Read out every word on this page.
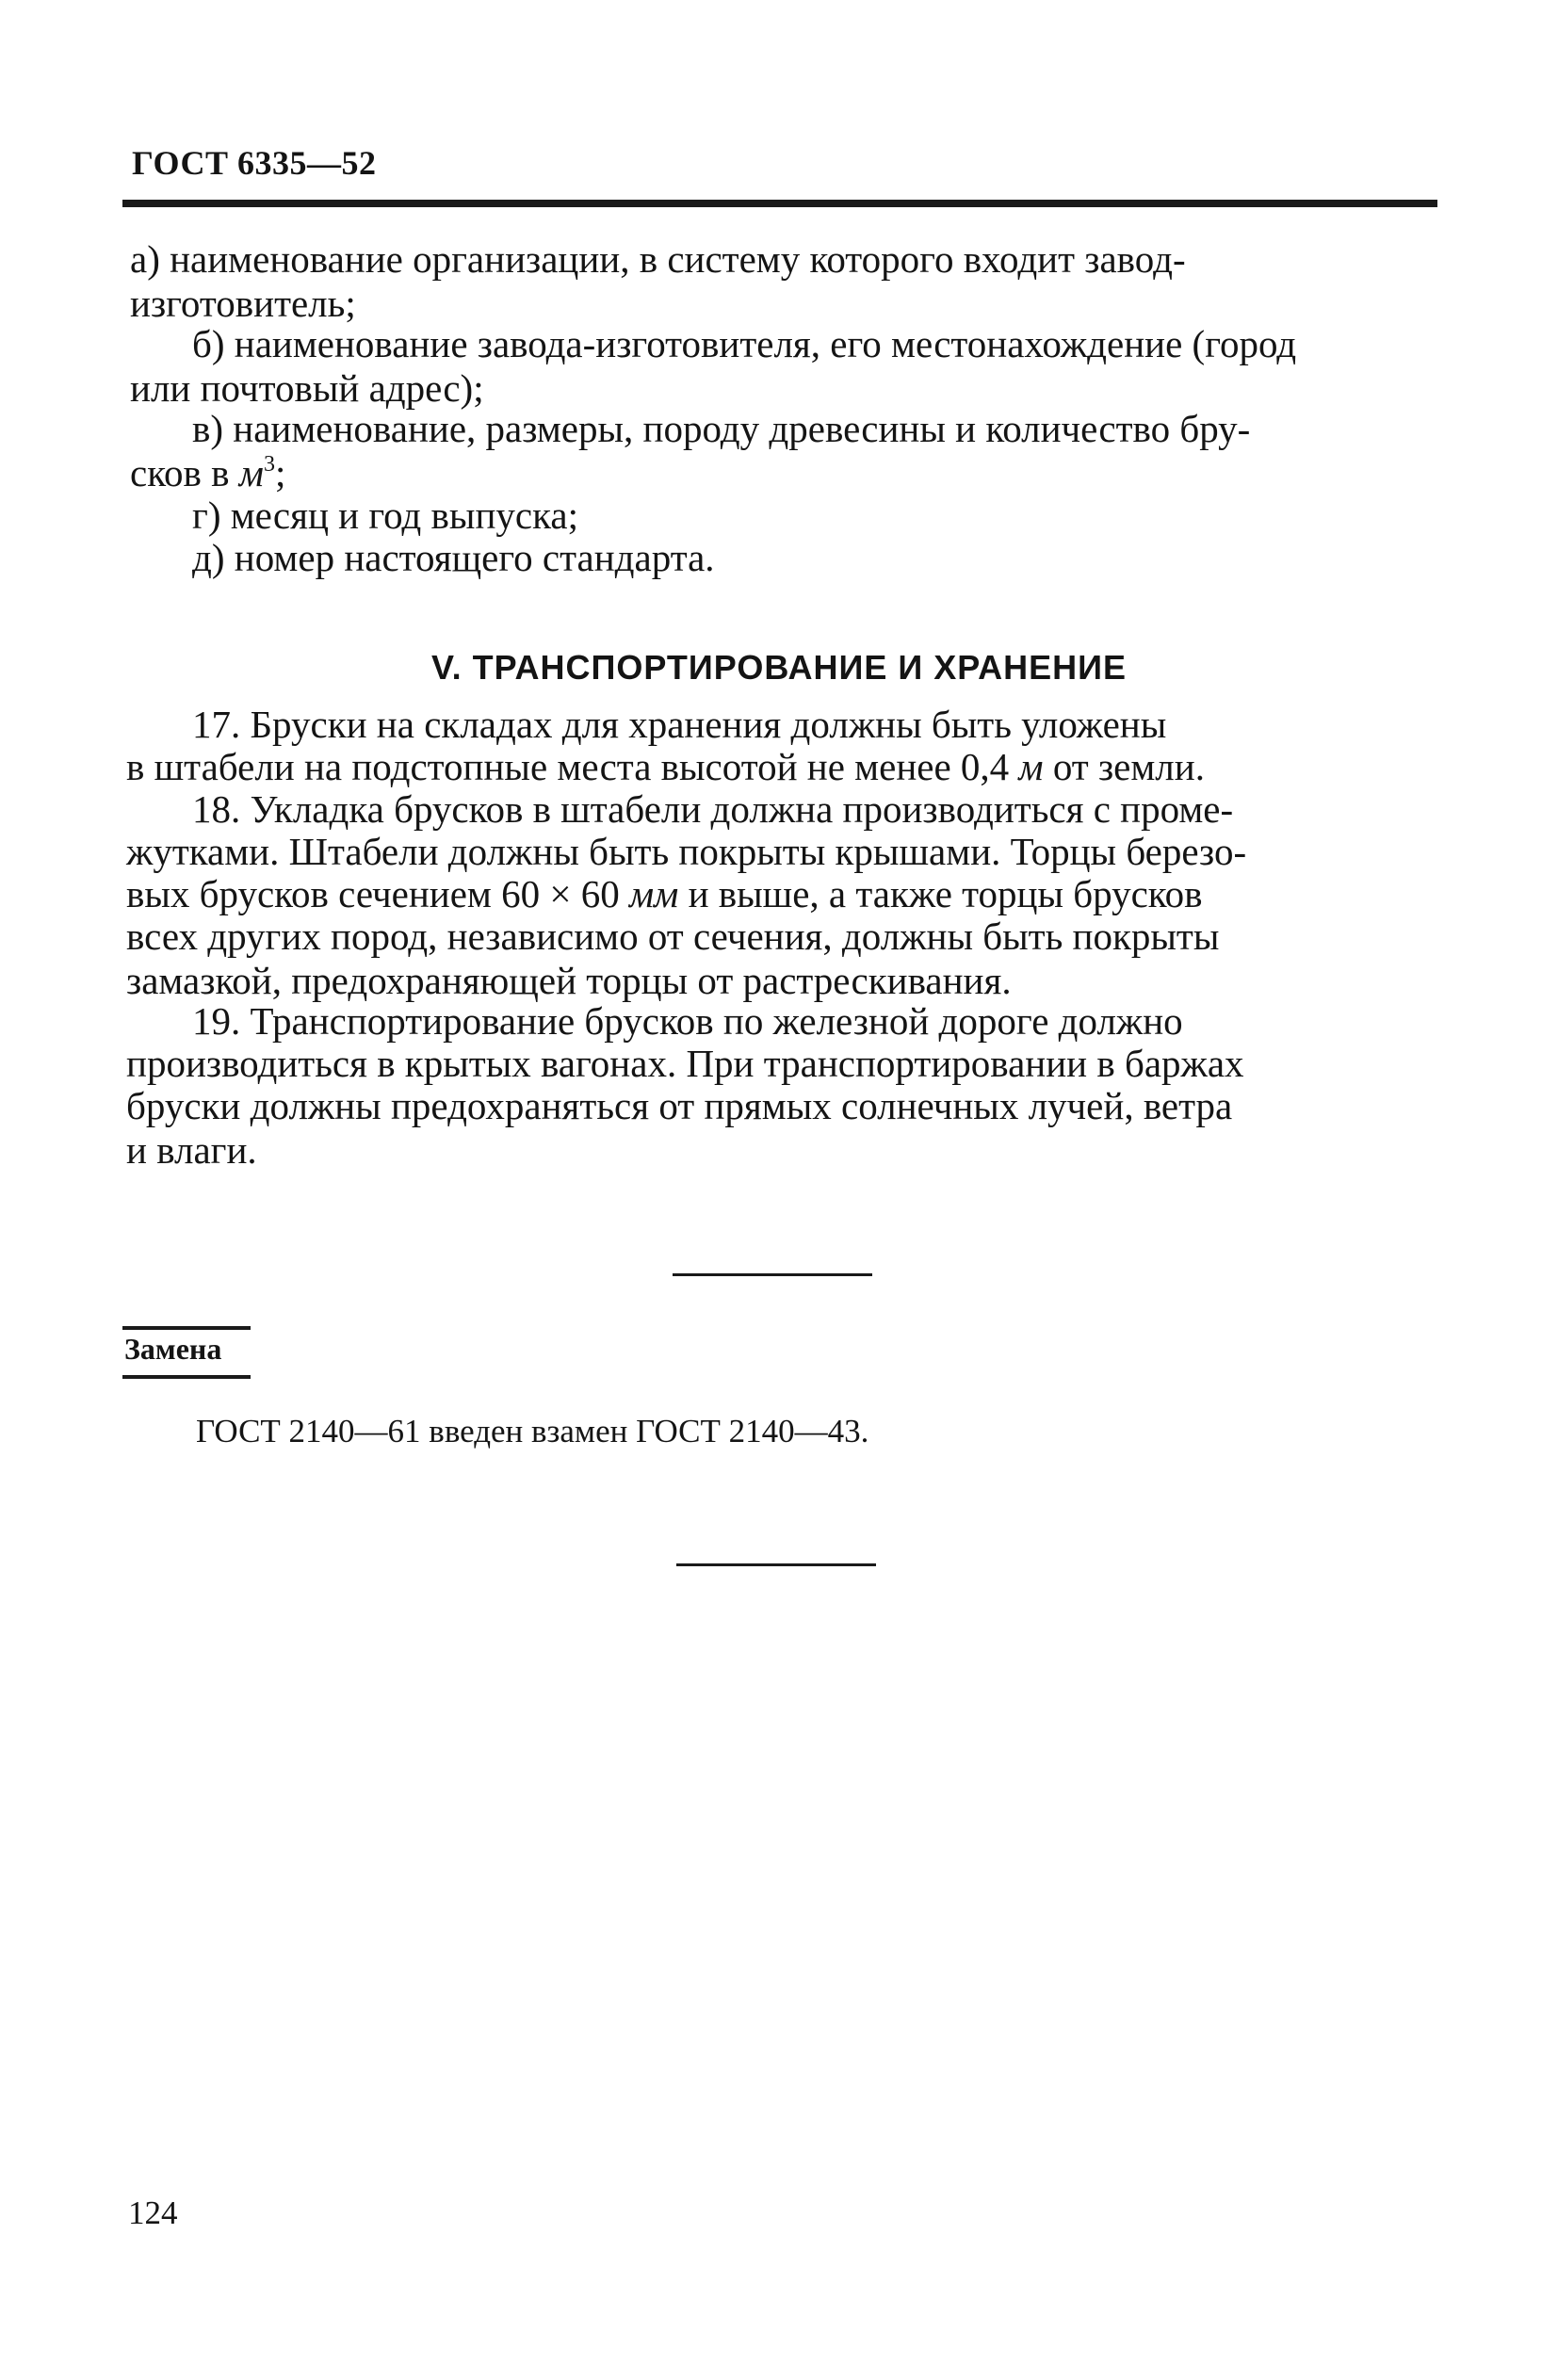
ГОСТ 6335—52
а) наименование организации, в систему которого входит завод-
изготовитель;
б) наименование завода-изготовителя, его местонахождение (город
или почтовый адрес);
в) наименование, размеры, породу древесины и количество бру-
сков в $м^3$;
г) месяц и год выпуска;
д) номер настоящего стандарта.
V. ТРАНСПОРТИРОВАНИЕ И ХРАНЕНИЕ
17. Бруски на складах для хранения должны быть уложены
в штабели на подстопные места высотой не менее 0,4 м от земли.
18. Укладка брусков в штабели должна производиться с проме-
жутками. Штабели должны быть покрыты крышами. Торцы березо-
вых брусков сечением 60 × 60 мм и выше, а также торцы брусков
всех других пород, независимо от сечения, должны быть покрыты
замазкой, предохраняющей торцы от растрескивания.
19. Транспортирование брусков по железной дороге должно
производиться в крытых вагонах. При транспортировании в баржах
бруски должны предохраняться от прямых солнечных лучей, ветра
и влаги.
Замена
ГОСТ 2140—61 введен взамен ГОСТ 2140—43.
124
